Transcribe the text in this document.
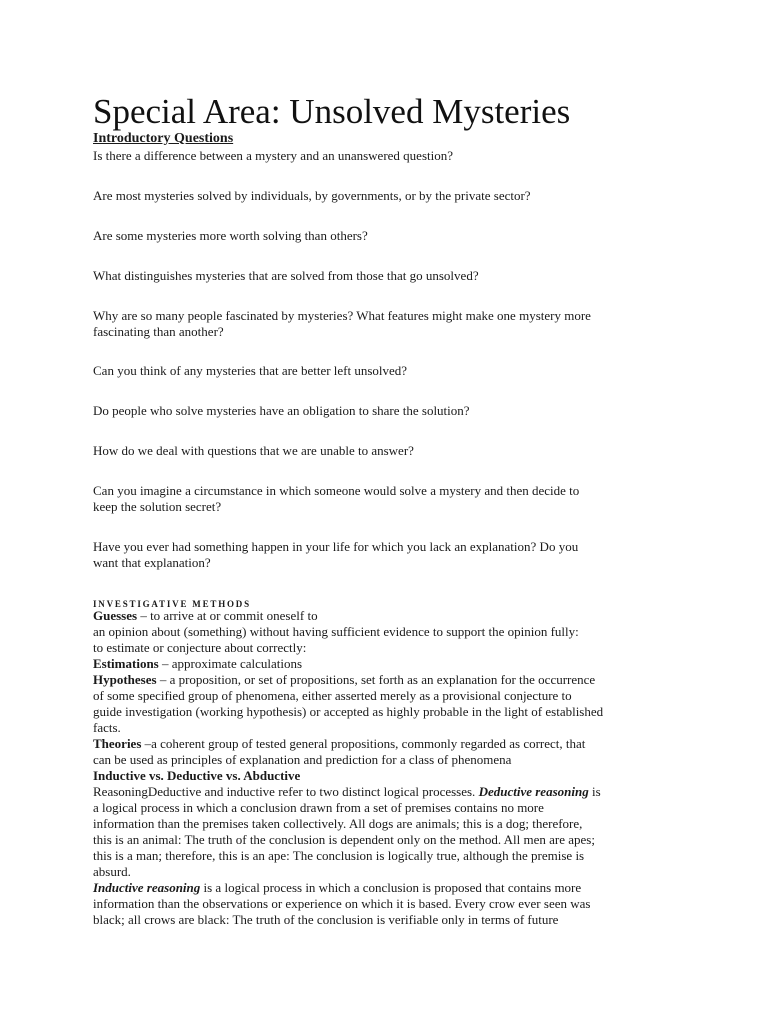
Special Area: Unsolved Mysteries
Introductory Questions
Is there a difference between a mystery and an unanswered question?
Are most mysteries solved by individuals, by governments, or by the private sector?
Are some mysteries more worth solving than others?
What distinguishes mysteries that are solved from those that go unsolved?
Why are so many people fascinated by mysteries? What features might make one mystery more
fascinating than another?
Can you think of any mysteries that are better left unsolved?
Do people who solve mysteries have an obligation to share the solution?
How do we deal with questions that we are unable to answer?
Can you imagine a circumstance in which someone would solve a mystery and then decide to
keep the solution secret?
Have you ever had something happen in your life for which you lack an explanation? Do you
want that explanation?
INVESTIGATIVE METHODS
Guesses – to arrive at or commit oneself to
an opinion about (something) without having sufficient evidence to support the opinion fully:
to estimate or conjecture about correctly:
Estimations – approximate calculations
Hypotheses – a proposition, or set of propositions, set forth as an explanation for the occurrence
of some specified group of phenomena, either asserted merely as a provisional conjecture to
guide investigation (working hypothesis) or accepted as highly probable in the light of established
facts.
Theories –a coherent group of tested general propositions, commonly regarded as correct, that
can be used as principles of explanation and prediction for a class of phenomena
Inductive vs. Deductive vs. Abductive
ReasoningDeductive and inductive refer to two distinct logical processes. Deductive reasoning is
a logical process in which a conclusion drawn from a set of premises contains no more
information than the premises taken collectively. All dogs are animals; this is a dog; therefore,
this is an animal: The truth of the conclusion is dependent only on the method. All men are apes;
this is a man; therefore, this is an ape: The conclusion is logically true, although the premise is
absurd.
Inductive reasoning is a logical process in which a conclusion is proposed that contains more
information than the observations or experience on which it is based. Every crow ever seen was
black; all crows are black: The truth of the conclusion is verifiable only in terms of future
